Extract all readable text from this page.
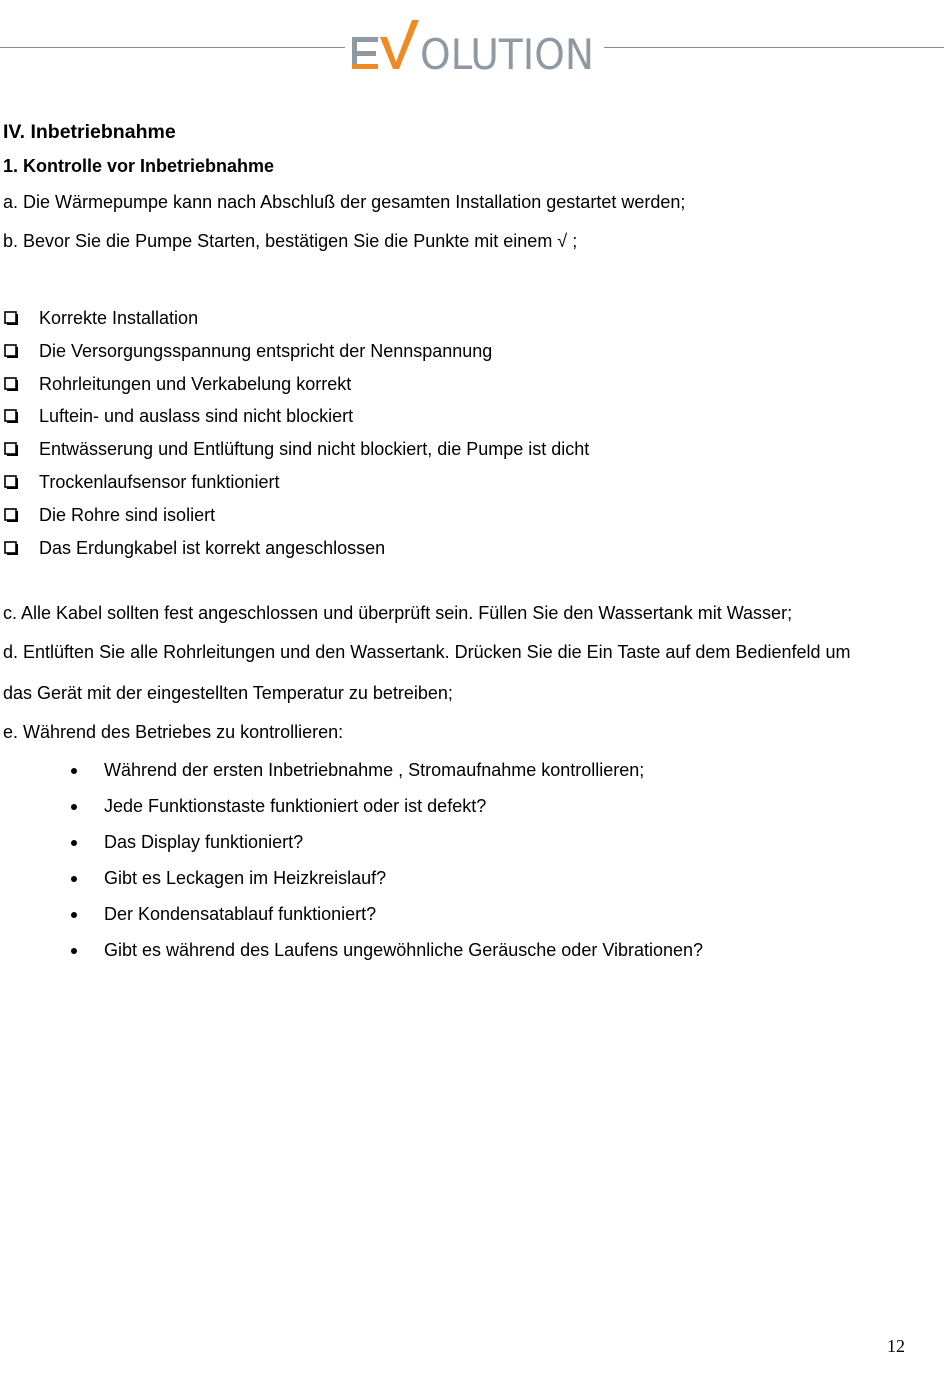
OLUTION
IV. Inbetriebnahme
1. Kontrolle vor Inbetriebnahme
a. Die Wärmepumpe kann nach Abschluß der gesamten Installation gestartet werden;
b. Bevor Sie die Pumpe Starten, bestätigen Sie die Punkte mit einem √ ;
Korrekte Installation
Die Versorgungsspannung entspricht der Nennspannung
Rohrleitungen und Verkabelung korrekt
Luftein- und auslass sind nicht blockiert
Entwässerung und Entlüftung sind nicht blockiert, die Pumpe ist dicht
Trockenlaufsensor funktioniert
Die Rohre sind isoliert
Das Erdungkabel ist korrekt angeschlossen
c. Alle Kabel sollten fest angeschlossen und überprüft sein. Füllen Sie den Wassertank mit Wasser;
d. Entlüften Sie alle Rohrleitungen und den Wassertank. Drücken Sie die Ein Taste auf dem Bedienfeld um
das Gerät mit der eingestellten Temperatur zu betreiben;
e. Während des Betriebes zu kontrollieren:
Während der ersten Inbetriebnahme , Stromaufnahme kontrollieren;
Jede Funktionstaste funktioniert oder ist defekt?
Das Display funktioniert?
Gibt es Leckagen im Heizkreislauf?
Der Kondensatablauf funktioniert?
Gibt es während des Laufens ungewöhnliche Geräusche oder Vibrationen?
12
